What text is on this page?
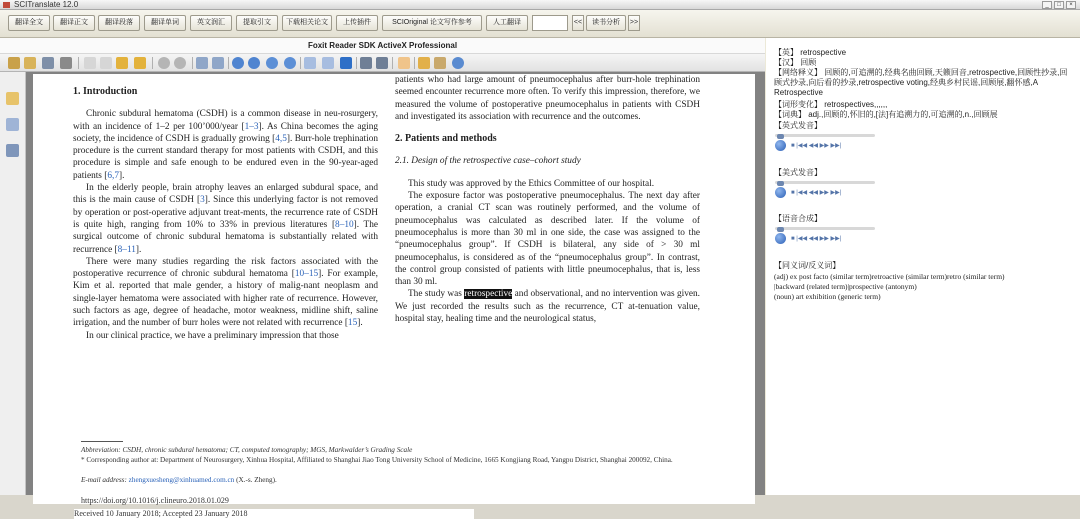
SCITranslate 12.0	_	□	×
翻译全文	翻译正文	翻译段落	翻译单词	英文润汇	提取引文	下载相关论文	上传插件	SCIOriginal 论文写作参考	人工翻译	<<	读书分析	>>
Foxit Reader SDK ActiveX Professional
1. Introduction

Chronic subdural hematoma (CSDH) is a common disease in neu-rosurgery, with an incidence of 1–2 per 100’000/year [1–3]. As China becomes the aging society, the incidence of CSDH is gradually growing [4,5]. Burr-hole trephination procedure is the current standard therapy for most patients with CSDH, and this procedure is simple and safe enough to be endured even in the 90-year-aged patients [6,7].

In the elderly people, brain atrophy leaves an enlarged subdural space, and this is the main cause of CSDH [3]. Since this underlying factor is not removed by operation or post-operative adjuvant treat-ments, the recurrence rate of CSDH is quite high, ranging from 10% to 33% in previous literatures [8–10]. The surgical outcome of chronic subdural hematoma is substantially related with recurrence [8–11].

There were many studies regarding the risk factors associated with the postoperative recurrence of chronic subdural hematoma [10–15]. For example, Kim et al. reported that male gender, a history of malig-nant neoplasm and single-layer hematoma were associated with higher rate of recurrence. However, such factors as age, degree of headache, motor weakness, midline shift, saline irrigation, and the number of burr holes were not related with recurrence [15].

In our clinical practice, we have a preliminary impression that those

patients who had large amount of pneumocephalus after burr-hole trephination seemed encounter recurrence more often. To verify this impression, therefore, we measured the volume of postoperative pneumocephalus in patients with CSDH and investigated its association with recurrence and the outcomes.

2. Patients and methods
2.1. Design of the retrospective case–cohort study

This study was approved by the Ethics Committee of our hospital.

The exposure factor was postoperative pneumocephalus. The next day after operation, a cranial CT scan was routinely performed, and the volume of pneumocephalus was calculated as described later. If the volume of pneumocephalus is more than 30 ml in one side, the case was assigned to the “pneumocephalus group”. If CSDH is bilateral, any side of > 30 ml pneumocephalus, is considered as of the “pneumocephalus group”. In contrast, the control group consisted of patients with little pneumocephalus, that is, less than 30 ml.

The study was retrospective and observational, and no intervention was given. We just recorded the results such as the recurrence, CT at-tenuation value, hospital stay, healing time and the neurological status,

Abbreviation: CSDH, chronic subdural hematoma; CT, computed tomography; MGS, Markwalder’s Grading Scale
* Corresponding author at: Department of Neurosurgery, Xinhua Hospital, Affiliated to Shanghai Jiao Tong University School of Medicine, 1665 Kongjiang Road, Yangpu District, Shanghai 200092, China.
E-mail address: zhengxuesheng@xinhuamed.com.cn (X.-s. Zheng).
https://doi.org/10.1016/j.clineuro.2018.01.029
Received 10 January 2018; Accepted 23 January 2018
【英】 retrospective
【汉】 回顾
【网络释义】 回顾的,可追溯的,经典名曲回顾,天籁回音,retrospective,回顾性抄录,回顾式抄录,向后看的抄录,retrospective voting,经典乡村民谣,回顾展,翻怀感,A Retrospective
【词形变化】 retrospectives,,,,,,
【词典】 adj.,回顾的,怀旧的,[法]有追溯力的,可追溯的,n.,回顾展
【英式发音】
■ |◀◀ ◀◀ ▶▶ ▶▶|
【美式发音】
■ |◀◀ ◀◀ ▶▶ ▶▶|
【语音合成】
■ |◀◀ ◀◀ ▶▶ ▶▶|
【同义词/反义词】
(adj) ex post facto (similar term)retroactive (similar term)retro (similar term)
|backward (related term)|prospective (antonym)
(noun) art exhibition (generic term)
